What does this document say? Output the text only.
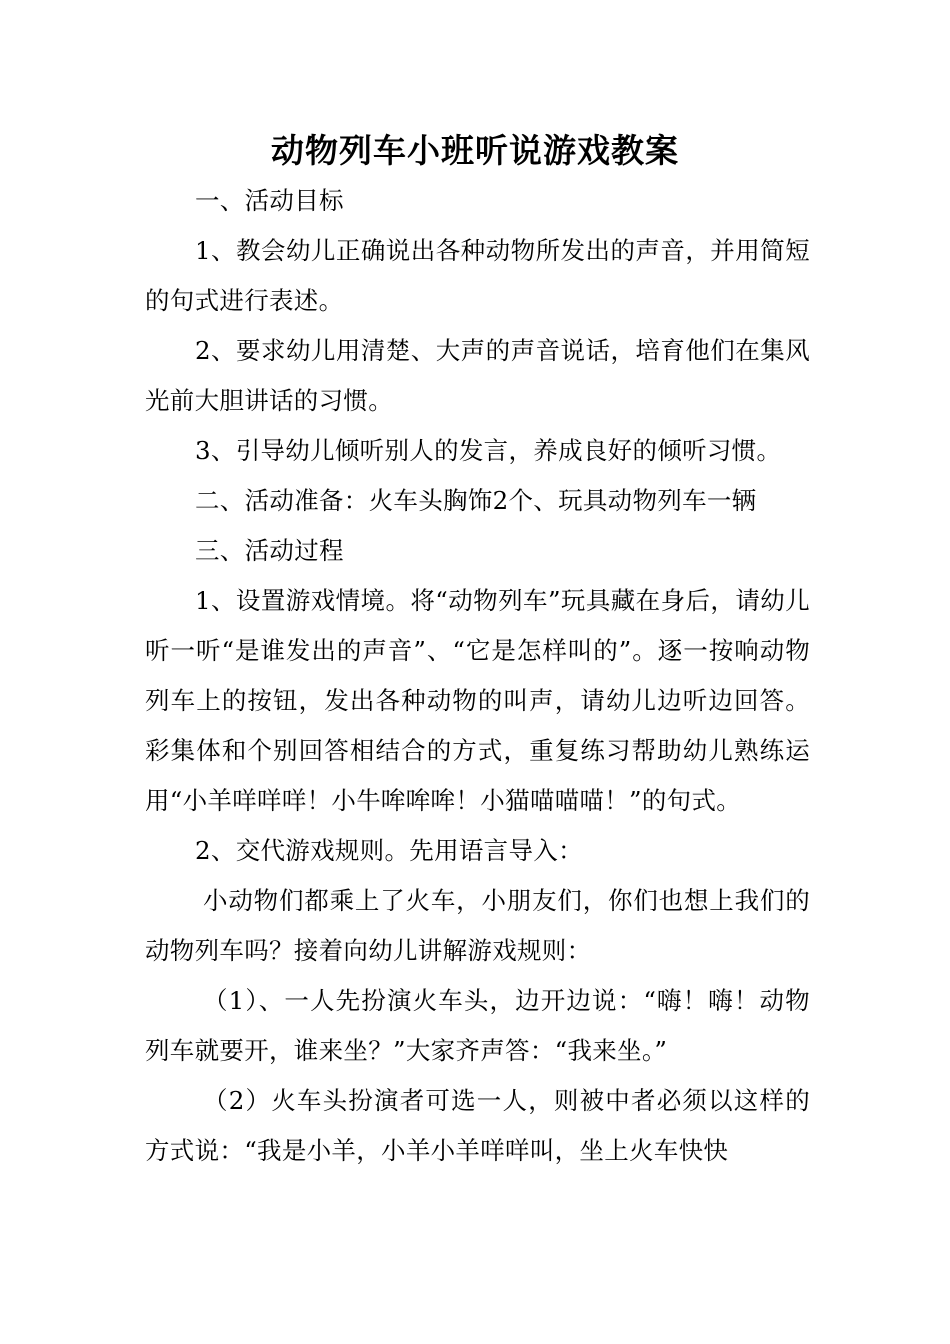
动物列车小班听说游戏教案

一、活动目标

1、教会幼儿正确说出各种动物所发出的声音，并用简短的句式进行表述。

2、要求幼儿用清楚、大声的声音说话，培育他们在集风光前大胆讲话的习惯。

3、引导幼儿倾听别人的发言，养成良好的倾听习惯。

二、活动准备：火车头胸饰2个、玩具动物列车一辆

三、活动过程

1、设置游戏情境。将“动物列车”玩具藏在身后，请幼儿听一听“是谁发出的声音”、“它是怎样叫的”。逐一按响动物列车上的按钮，发出各种动物的叫声，请幼儿边听边回答。彩集体和个别回答相结合的方式，重复练习帮助幼儿熟练运用“小羊咩咩咩！小牛哞哞哞！小猫喵喵喵！”的句式。

2、交代游戏规则。先用语言导入：

小动物们都乘上了火车，小朋友们，你们也想上我们的动物列车吗？接着向幼儿讲解游戏规则：

（1）、一人先扮演火车头，边开边说：“嗨！嗨！动物列车就要开，谁来坐？”大家齐声答：“我来坐。”

（2）火车头扮演者可选一人，则被中者必须以这样的方式说：“我是小羊，小羊小羊咩咩叫，坐上火车快快
